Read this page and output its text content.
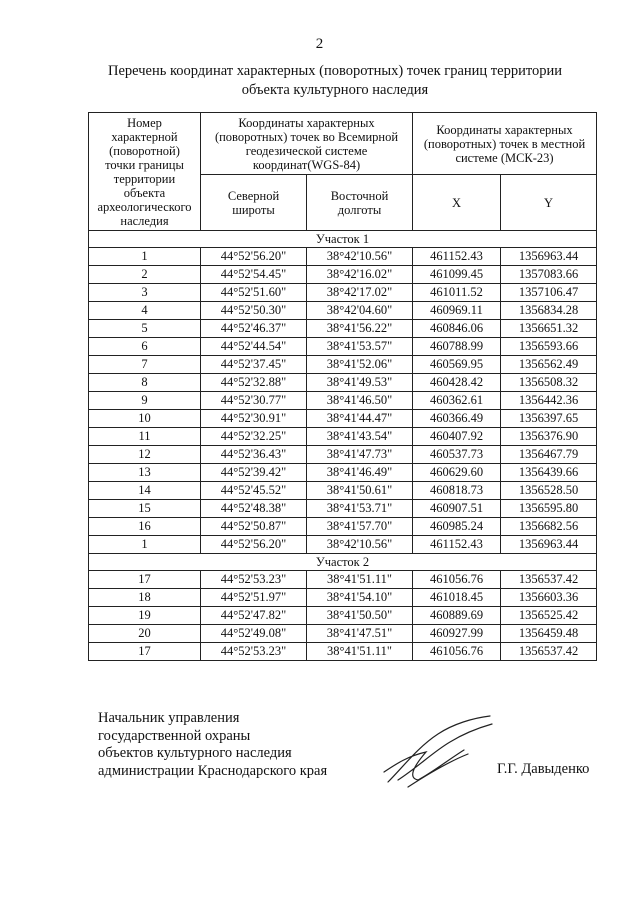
2
Перечень координат характерных (поворотных) точек границ территории
объекта культурного наследия
Номер характерной (поворотной) точки границы территории объекта археологического наследия	Координаты характерных (поворотных) точек во Всемирной геодезической системе координат(WGS-84)		Координаты характерных (поворотных) точек в местной системе (МСК-23)	
	Северной широты	Восточной долготы	X	Y
Участок 1				
1	44°52'56.20"	38°42'10.56"	461152.43	1356963.44
2	44°52'54.45"	38°42'16.02"	461099.45	1357083.66
3	44°52'51.60"	38°42'17.02"	461011.52	1357106.47
4	44°52'50.30"	38°42'04.60"	460969.11	1356834.28
5	44°52'46.37"	38°41'56.22"	460846.06	1356651.32
6	44°52'44.54"	38°41'53.57"	460788.99	1356593.66
7	44°52'37.45"	38°41'52.06"	460569.95	1356562.49
8	44°52'32.88"	38°41'49.53"	460428.42	1356508.32
9	44°52'30.77"	38°41'46.50"	460362.61	1356442.36
10	44°52'30.91"	38°41'44.47"	460366.49	1356397.65
11	44°52'32.25"	38°41'43.54"	460407.92	1356376.90
12	44°52'36.43"	38°41'47.73"	460537.73	1356467.79
13	44°52'39.42"	38°41'46.49"	460629.60	1356439.66
14	44°52'45.52"	38°41'50.61"	460818.73	1356528.50
15	44°52'48.38"	38°41'53.71"	460907.51	1356595.80
16	44°52'50.87"	38°41'57.70"	460985.24	1356682.56
1	44°52'56.20"	38°42'10.56"	461152.43	1356963.44
Участок 2				
17	44°52'53.23"	38°41'51.11"	461056.76	1356537.42
18	44°52'51.97"	38°41'54.10"	461018.45	1356603.36
19	44°52'47.82"	38°41'50.50"	460889.69	1356525.42
20	44°52'49.08"	38°41'47.51"	460927.99	1356459.48
17	44°52'53.23"	38°41'51.11"	461056.76	1356537.42
Начальник управления
государственной охраны
объектов культурного наследия
администрации Краснодарского края	Г.Г. Давыденко
